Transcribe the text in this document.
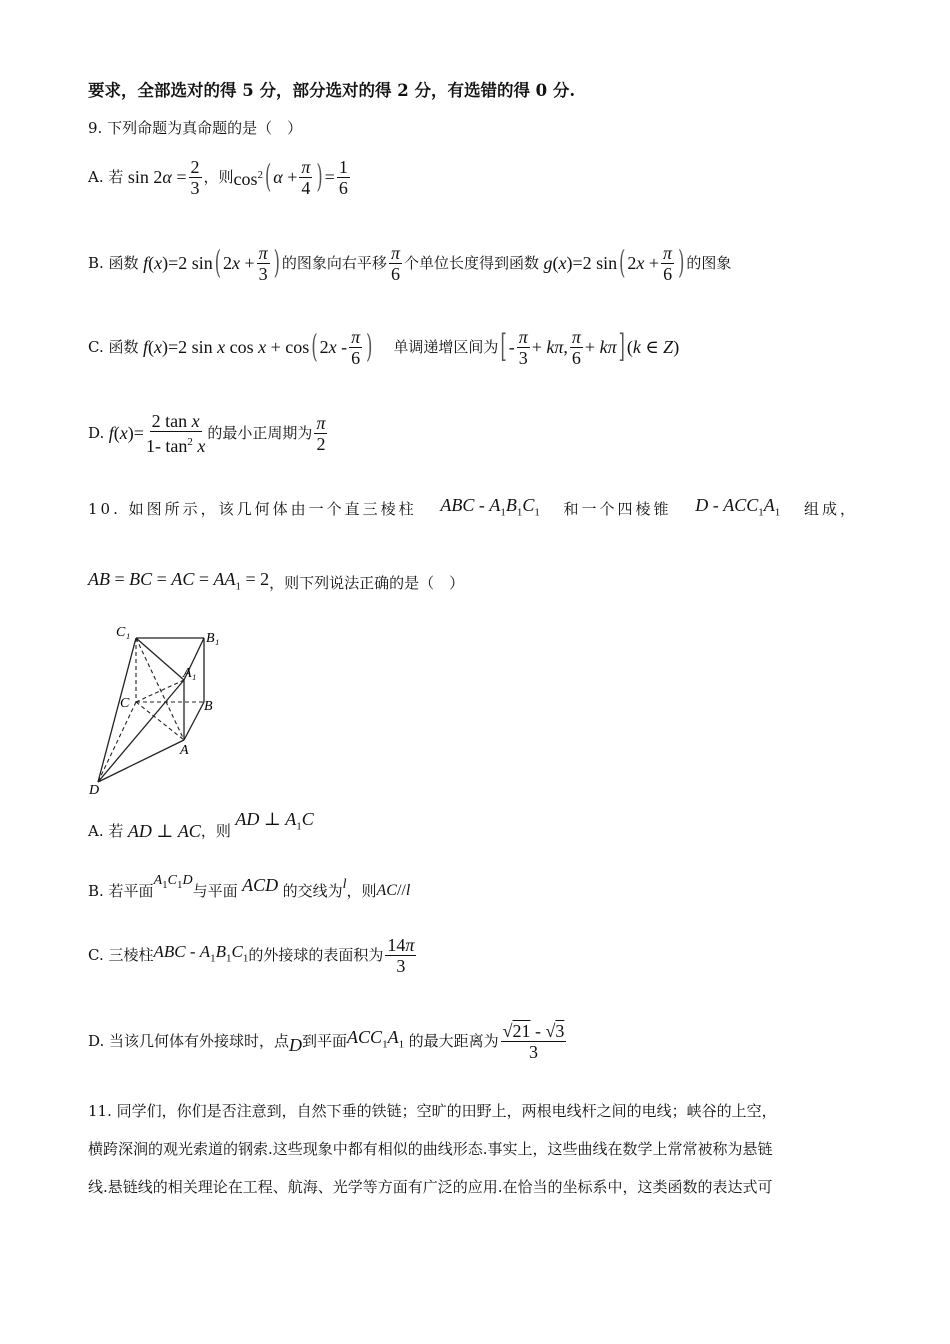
要求，全部选对的得 5 分，部分选对的得 2 分，有选错的得 0 分.
9. 下列命题为真命题的是（　）
A. 若 $\sin 2\alpha = \frac{2}{3}$ ，则 $\cos^2$ ( $\alpha + \frac{\pi}{4}$ ) = $\frac{1}{6}$
B. 函数 f(x)=2 sin ( $2x + \frac{\pi}{3}$ ) 的图象向右平移 $\frac{\pi}{6}$ 个单位长度得到函数 g(x)=2 sin ( $2x + \frac{\pi}{6}$ ) 的图象
C. 函数 f(x)=2 sin x cos x + cos ( $2x - \frac{\pi}{6}$ )
单调递增区间为 [ - $\frac{\pi}{3} + k\pi$, $\frac{\pi}{6} + k\pi$ ] (k ∈ Z)
D. $f(x)= \frac{\text{2 tan x}}{1- \tan^2 x}$ 的最小正周期为 $\frac{\pi}{2}$
10. 如图所示，该几何体由一个直三棱柱 ABC - $A_1B_1C_1$ 和一个四棱锥 D - $ACC_1A_1$ 组成，
AB = BC = AC = $AA_1 = 2$ ，则下列说法正确的是（　）
C₁	B₁
A₁
C	B
A
D
A. 若 AD ⊥ AC ，则
AD ⊥ $A_1C$
B. 若平面
$A_1C_1D$
与平面 ACD 的交线为 l ，则 AC//l
C. 三棱柱 ABC - $A_1B_1C_1$ 的外接球的表面积为 $\frac{14\pi}{3}$
D. 当该几何体有外接球时，点 D 到平面 $ACC_1A_1$ 的最大距离为 $\frac{√21 - √3}{3}$
11. 同学们，你们是否注意到，自然下垂的铁链；空旷的田野上，两根电线杆之间的电线；峡谷的上空，
横跨深涧的观光索道的钢索.这些现象中都有相似的曲线形态.事实上，这些曲线在数学上常常被称为悬链
线.悬链线的相关理论在工程、航海、光学等方面有广泛的应用.在恰当的坐标系中，这类函数的表达式可
